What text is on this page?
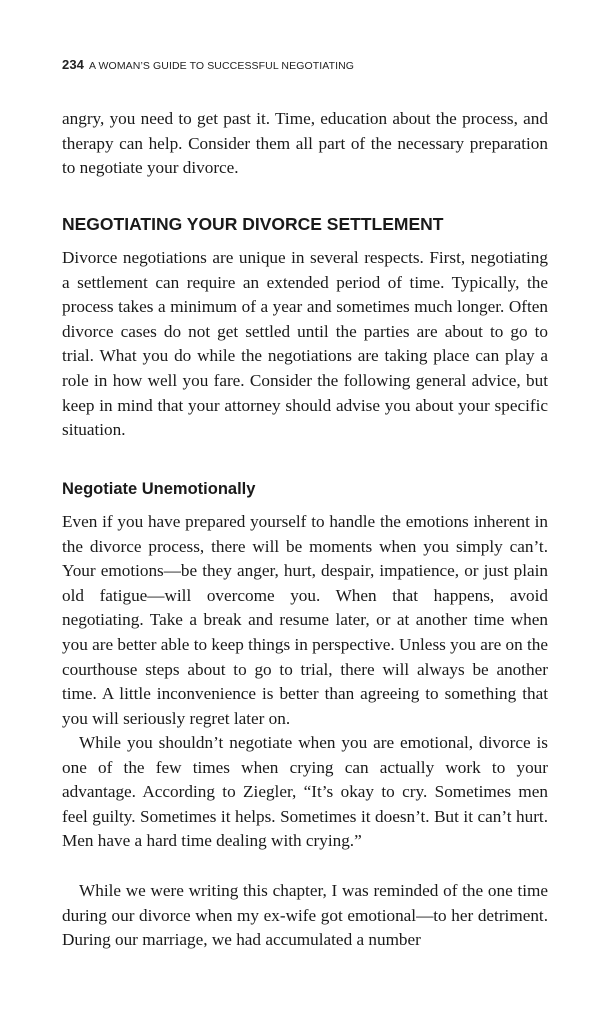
234 A WOMAN’S GUIDE TO SUCCESSFUL NEGOTIATING

angry, you need to get past it. Time, education about the process, and therapy can help. Consider them all part of the necessary preparation to negotiate your divorce.

NEGOTIATING YOUR DIVORCE SETTLEMENT

Divorce negotiations are unique in several respects. First, negotiating a settlement can require an extended period of time. Typically, the process takes a minimum of a year and sometimes much longer. Often divorce cases do not get settled until the parties are about to go to trial. What you do while the negotiations are taking place can play a role in how well you fare. Consider the following general advice, but keep in mind that your attorney should advise you about your specific situation.

Negotiate Unemotionally

Even if you have prepared yourself to handle the emotions inherent in the divorce process, there will be moments when you simply can’t. Your emotions—be they anger, hurt, despair, impatience, or just plain old fatigue—will overcome you. When that happens, avoid negotiating. Take a break and resume later, or at another time when you are better able to keep things in perspective. Unless you are on the courthouse steps about to go to trial, there will always be another time. A little inconvenience is better than agreeing to something that you will seriously regret later on.

While you shouldn’t negotiate when you are emotional, divorce is one of the few times when crying can actually work to your advantage. According to Ziegler, “It’s okay to cry. Sometimes men feel guilty. Sometimes it helps. Sometimes it doesn’t. But it can’t hurt. Men have a hard time dealing with crying.”

While we were writing this chapter, I was reminded of the one time during our divorce when my ex-wife got emotional—to her detriment. During our marriage, we had accumulated a number
